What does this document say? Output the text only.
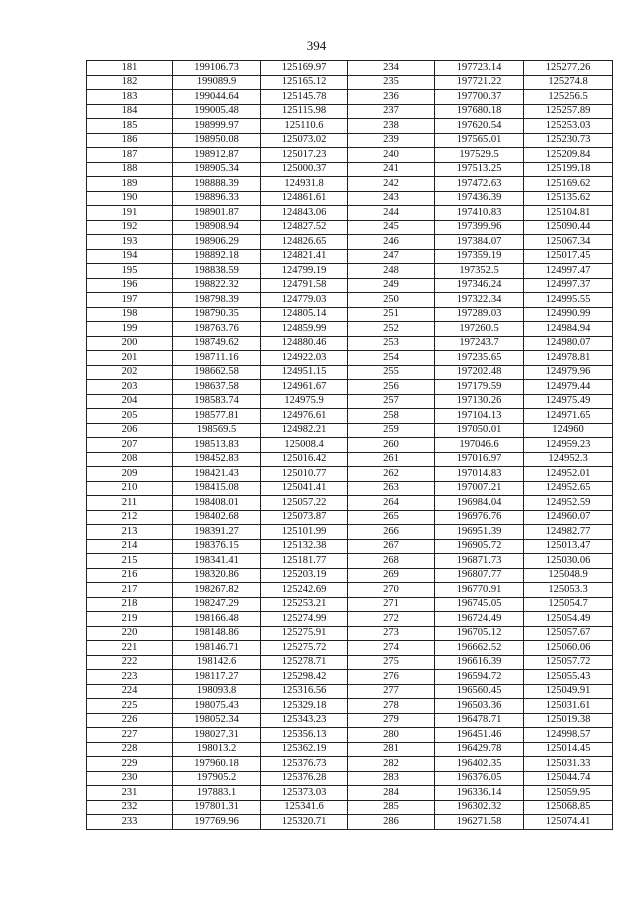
394
181	199106.73	125169.97	234	197723.14	125277.26
182	199089.9	125165.12	235	197721.22	125274.8
183	199044.64	125145.78	236	197700.37	125256.5
184	199005.48	125115.98	237	197680.18	125257.89
185	198999.97	125110.6	238	197620.54	125253.03
186	198950.08	125073.02	239	197565.01	125230.73
187	198912.87	125017.23	240	197529.5	125209.84
188	198905.34	125000.37	241	197513.25	125199.18
189	198888.39	124931.8	242	197472.63	125169.62
190	198896.33	124861.61	243	197436.39	125135.62
191	198901.87	124843.06	244	197410.83	125104.81
192	198908.94	124827.52	245	197399.96	125090.44
193	198906.29	124826.65	246	197384.07	125067.34
194	198892.18	124821.41	247	197359.19	125017.45
195	198838.59	124799.19	248	197352.5	124997.47
196	198822.32	124791.58	249	197346.24	124997.37
197	198798.39	124779.03	250	197322.34	124995.55
198	198790.35	124805.14	251	197289.03	124990.99
199	198763.76	124859.99	252	197260.5	124984.94
200	198749.62	124880.46	253	197243.7	124980.07
201	198711.16	124922.03	254	197235.65	124978.81
202	198662.58	124951.15	255	197202.48	124979.96
203	198637.58	124961.67	256	197179.59	124979.44
204	198583.74	124975.9	257	197130.26	124975.49
205	198577.81	124976.61	258	197104.13	124971.65
206	198569.5	124982.21	259	197050.01	124960
207	198513.83	125008.4	260	197046.6	124959.23
208	198452.83	125016.42	261	197016.97	124952.3
209	198421.43	125010.77	262	197014.83	124952.01
210	198415.08	125041.41	263	197007.21	124952.65
211	198408.01	125057.22	264	196984.04	124952.59
212	198402.68	125073.87	265	196976.76	124960.07
213	198391.27	125101.99	266	196951.39	124982.77
214	198376.15	125132.38	267	196905.72	125013.47
215	198341.41	125181.77	268	196871.73	125030.06
216	198320.86	125203.19	269	196807.77	125048.9
217	198267.82	125242.69	270	196770.91	125053.3
218	198247.29	125253.21	271	196745.05	125054.7
219	198166.48	125274.99	272	196724.49	125054.49
220	198148.86	125275.91	273	196705.12	125057.67
221	198146.71	125275.72	274	196662.52	125060.06
222	198142.6	125278.71	275	196616.39	125057.72
223	198117.27	125298.42	276	196594.72	125055.43
224	198093.8	125316.56	277	196560.45	125049.91
225	198075.43	125329.18	278	196503.36	125031.61
226	198052.34	125343.23	279	196478.71	125019.38
227	198027.31	125356.13	280	196451.46	124998.57
228	198013.2	125362.19	281	196429.78	125014.45
229	197960.18	125376.73	282	196402.35	125031.33
230	197905.2	125376.28	283	196376.05	125044.74
231	197883.1	125373.03	284	196336.14	125059.95
232	197801.31	125341.6	285	196302.32	125068.85
233	197769.96	125320.71	286	196271.58	125074.41
